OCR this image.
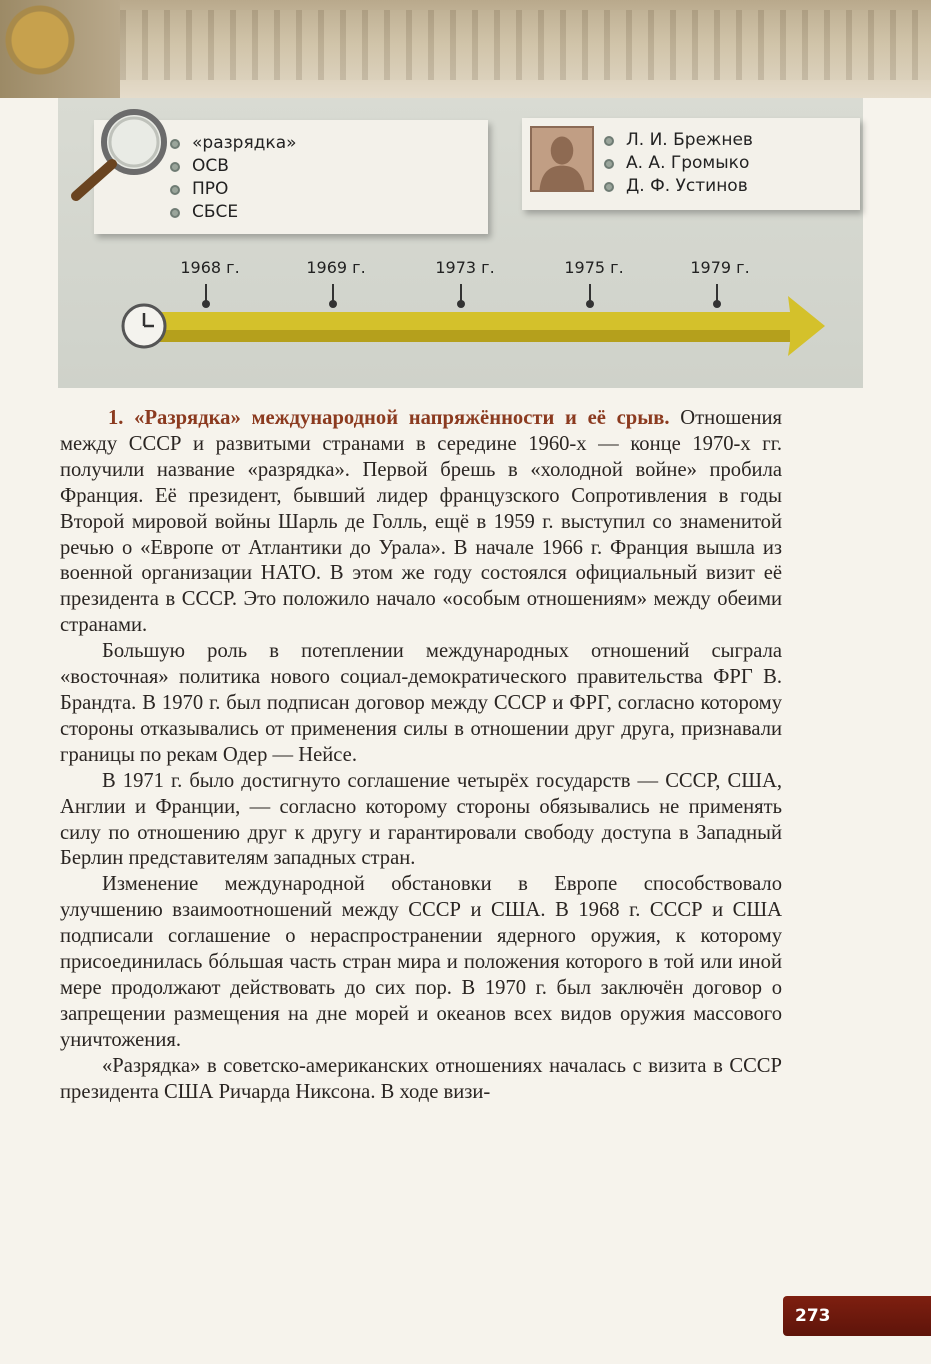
«разрядка»
ОСВ
ПРО
СБСЕ
Л. И. Брежнев
А. А. Громыко
Д. Ф. Устинов
1968 г.	1969 г.	1973 г.	1975 г.	1979 г.

1. «Разрядка» международной напряжённости и её срыв. Отношения между СССР и развитыми странами в середине 1960-х — конце 1970-х гг. получили название «разрядка». Первой брешь в «холодной войне» пробила Франция. Её президент, бывший лидер французского Сопротивления в годы Второй мировой войны Шарль де Голль, ещё в 1959 г. выступил со знаменитой речью о «Европе от Атлантики до Урала». В начале 1966 г. Франция вышла из военной организации НАТО. В этом же году состоялся официальный визит её президента в СССР. Это положило начало «особым отношениям» между обеими странами.

Большую роль в потеплении международных отношений сыграла «восточная» политика нового социал-демократического правительства ФРГ В. Брандта. В 1970 г. был подписан договор между СССР и ФРГ, согласно которому стороны отказывались от применения силы в отношении друг друга, признавали границы по рекам Одер — Нейсе.

В 1971 г. было достигнуто соглашение четырёх государств — СССР, США, Англии и Франции, — согласно которому стороны обязывались не применять силу по отношению друг к другу и гарантировали свободу доступа в Западный Берлин представителям западных стран.

Изменение международной обстановки в Европе способствовало улучшению взаимоотношений между СССР и США. В 1968 г. СССР и США подписали соглашение о нераспространении ядерного оружия, к которому присоединилась бóльшая часть стран мира и положения которого в той или иной мере продолжают действовать до сих пор. В 1970 г. был заключён договор о запрещении размещения на дне морей и океанов всех видов оружия массового уничтожения.

«Разрядка» в советско-американских отношениях началась с визита в СССР президента США Ричарда Никсона. В ходе визи-

273
